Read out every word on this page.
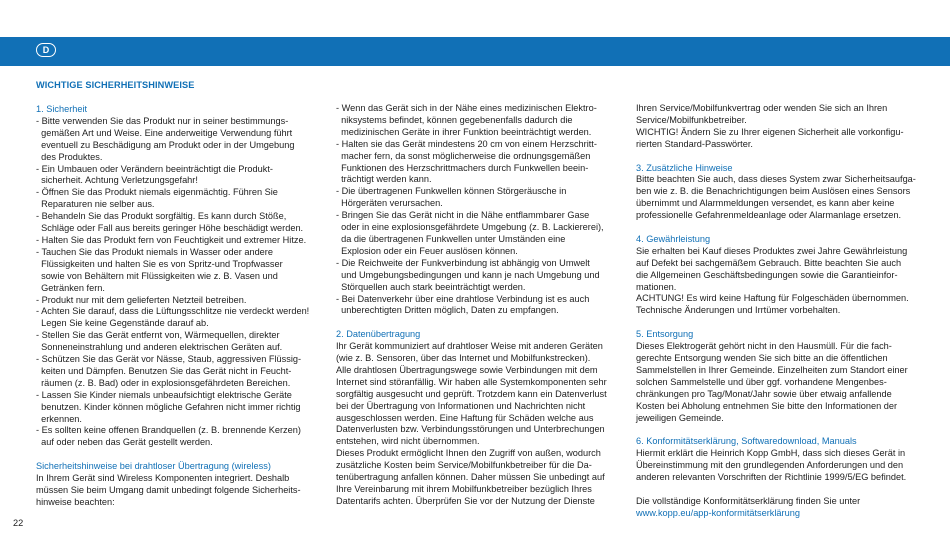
D
WICHTIGE SICHERHEITSHINWEISE
1. Sicherheit
- Bitte verwenden Sie das Produkt nur in seiner bestimmungs-
gemäßen Art und Weise. Eine anderweitige Verwendung führt
eventuell zu Beschädigung am Produkt oder in der Umgebung
des Produktes.
- Ein Umbauen oder Verändern beeinträchtigt die Produkt-
sicherheit. Achtung Verletzungsgefahr!
- Öffnen Sie das Produkt niemals eigenmächtig. Führen Sie
Reparaturen nie selber aus.
- Behandeln Sie das Produkt sorgfältig. Es kann durch Stöße,
Schläge oder Fall aus bereits geringer Höhe beschädigt werden.
- Halten Sie das Produkt fern von Feuchtigkeit und extremer Hitze.
- Tauchen Sie das Produkt niemals in Wasser oder andere
Flüssigkeiten und halten Sie es von Spritz-und Tropfwasser
sowie von Behältern mit Flüssigkeiten wie z. B. Vasen und
Getränken fern.
- Produkt nur mit dem gelieferten Netzteil betreiben.
- Achten Sie darauf, dass die Lüftungsschlitze nie verdeckt werden!
Legen Sie keine Gegenstände darauf ab.
- Stellen Sie das Gerät entfernt von, Wärmequellen, direkter
Sonneneinstrahlung und anderen elektrischen Geräten auf.
- Schützen Sie das Gerät vor Nässe, Staub, aggressiven Flüssig-
keiten und Dämpfen. Benutzen Sie das Gerät nicht in Feucht-
räumen (z. B. Bad) oder in explosionsgefährdeten Bereichen.
- Lassen Sie Kinder niemals unbeaufsichtigt elektrische Geräte
benutzen. Kinder können mögliche Gefahren nicht immer richtig
erkennen.
- Es sollten keine offenen Brandquellen (z. B. brennende Kerzen)
auf oder neben das Gerät gestellt werden.
Sicherheitshinweise bei drahtloser Übertragung (wireless)
In Ihrem Gerät sind Wireless Komponenten integriert. Deshalb
müssen Sie beim Umgang damit unbedingt folgende Sicherheits-
hinweise beachten:
- Wenn das Gerät sich in der Nähe eines medizinischen Elektro-
niksystems befindet, können gegebenenfalls dadurch die
medizinischen Geräte in ihrer Funktion beeinträchtigt werden.
- Halten sie das Gerät mindestens 20 cm von einem Herzschritt-
macher fern, da sonst möglicherweise die ordnungsgemäßen
Funktionen des Herzschrittmachers durch Funkwellen beein-
trächtigt werden kann.
- Die übertragenen Funkwellen können Störgeräusche in
Hörgeräten verursachen.
- Bringen Sie das Gerät nicht in die Nähe entflammbarer Gase
oder in eine explosionsgefährdete Umgebung (z. B. Lackiererei),
da die übertragenen Funkwellen unter Umständen eine
Explosion oder ein Feuer auslösen können.
- Die Reichweite der Funkverbindung ist abhängig von Umwelt
und Umgebungsbedingungen und kann je nach Umgebung und
Störquellen auch stark beeinträchtigt werden.
- Bei Datenverkehr über eine drahtlose Verbindung ist es auch
unberechtigten Dritten möglich, Daten zu empfangen.
2. Datenübertragung
Ihr Gerät kommuniziert auf drahtloser Weise mit anderen Geräten
(wie z. B. Sensoren, über das Internet und Mobilfunkstrecken).
Alle drahtlosen Übertragungswege sowie Verbindungen mit dem
Internet sind störanfällig. Wir haben alle Systemkomponenten sehr
sorgfältig ausgesucht und geprüft. Trotzdem kann ein Datenverlust
bei der Übertragung von Informationen und Nachrichten nicht
ausgeschlossen werden. Eine Haftung für Schäden welche aus
Datenverlusten bzw. Verbindungsstörungen und Unterbrechungen
entstehen, wird nicht übernommen.
Dieses Produkt ermöglicht Ihnen den Zugriff von außen, wodurch
zusätzliche Kosten beim Service/Mobilfunkbetreiber für die Da-
tenübertragung anfallen können. Daher müssen Sie unbedingt auf
Ihre Vereinbarung mit ihrem Mobilfunkbetreiber bezüglich Ihres
Datentarifs achten. Überprüfen Sie vor der Nutzung der Dienste
Ihren Service/Mobilfunkvertrag oder wenden Sie sich an Ihren
Service/Mobilfunkbetreiber.
WICHTIG! Ändern Sie zu Ihrer eigenen Sicherheit alle vorkonfigu-
rierten Standard-Passwörter.
3. Zusätzliche Hinweise
Bitte beachten Sie auch, dass dieses System zwar Sicherheitsaufga-
ben wie z. B. die Benachrichtigungen beim Auslösen eines Sensors
übernimmt und Alarmmeldungen versendet, es kann aber keine
professionelle Gefahrenmeldeanlage oder Alarmanlage ersetzen.
4. Gewährleistung
Sie erhalten bei Kauf dieses Produktes zwei Jahre Gewährleistung
auf Defekt bei sachgemäßem Gebrauch. Bitte beachten Sie auch
die Allgemeinen Geschäftsbedingungen sowie die Garantieinfor-
mationen.
ACHTUNG! Es wird keine Haftung für Folgeschäden übernommen.
Technische Änderungen und Irrtümer vorbehalten.
5. Entsorgung
Dieses Elektrogerät gehört nicht in den Hausmüll. Für die fach-
gerechte Entsorgung wenden Sie sich bitte an die öffentlichen
Sammelstellen in Ihrer Gemeinde. Einzelheiten zum Standort einer
solchen Sammelstelle und über ggf. vorhandene Mengenbes-
chränkungen pro Tag/Monat/Jahr sowie über etwaig anfallende
Kosten bei Abholung entnehmen Sie bitte den Informationen der
jeweiligen Gemeinde.
6. Konformitätserklärung, Softwaredownload, Manuals
Hiermit erklärt die Heinrich Kopp GmbH, dass sich dieses Gerät in
Übereinstimmung mit den grundlegenden Anforderungen und den
anderen relevanten Vorschriften der Richtlinie 1999/5/EG befindet.
Die vollständige Konformitätserklärung finden Sie unter
www.kopp.eu/app-konformitätserklärung
22
